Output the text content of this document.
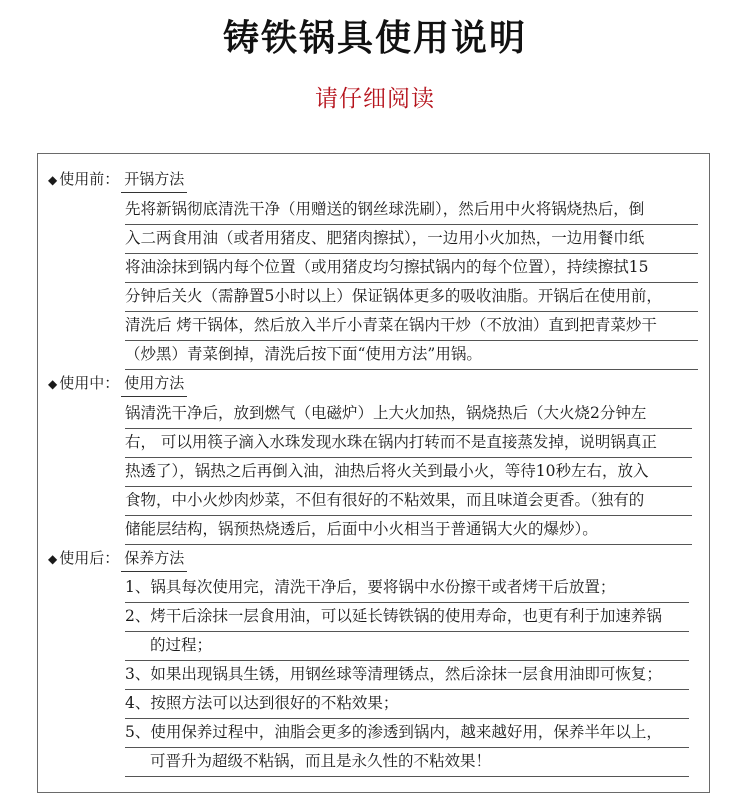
铸铁锅具使用说明
请仔细阅读
◆ 使用前： 开锅方法
先将新锅彻底清洗干净（用赠送的钢丝球洗刷），然后用中火将锅烧热后，倒
入二两食用油（或者用猪皮、肥猪肉擦拭），一边用小火加热，一边用餐巾纸
将油涂抹到锅内每个位置（或用猪皮均匀擦拭锅内的每个位置），持续擦拭15
分钟后关火（需静置5小时以上）保证锅体更多的吸收油脂。开锅后在使用前，
清洗后 烤干锅体，然后放入半斤小青菜在锅内干炒（不放油）直到把青菜炒干
（炒黑）青菜倒掉，清洗后按下面“使用方法”用锅。
◆ 使用中： 使用方法
锅清洗干净后，放到燃气（电磁炉）上大火加热，锅烧热后（大火烧2分钟左
右， 可以用筷子滴入水珠发现水珠在锅内打转而不是直接蒸发掉，说明锅真正
热透了），锅热之后再倒入油，油热后将火关到最小火，等待10秒左右，放入
食物，中小火炒肉炒菜，不但有很好的不粘效果，而且味道会更香。（独有的
储能层结构，锅预热烧透后，后面中小火相当于普通锅大火的爆炒）。
◆ 使用后： 保养方法
1、锅具每次使用完，清洗干净后，要将锅中水份擦干或者烤干后放置；
2、烤干后涂抹一层食用油，可以延长铸铁锅的使用寿命，也更有利于加速养锅
的过程；
3、如果出现锅具生锈，用钢丝球等清理锈点，然后涂抹一层食用油即可恢复；
4、按照方法可以达到很好的不粘效果；
5、使用保养过程中，油脂会更多的渗透到锅内，越来越好用，保养半年以上，
可晋升为超级不粘锅，而且是永久性的不粘效果！
